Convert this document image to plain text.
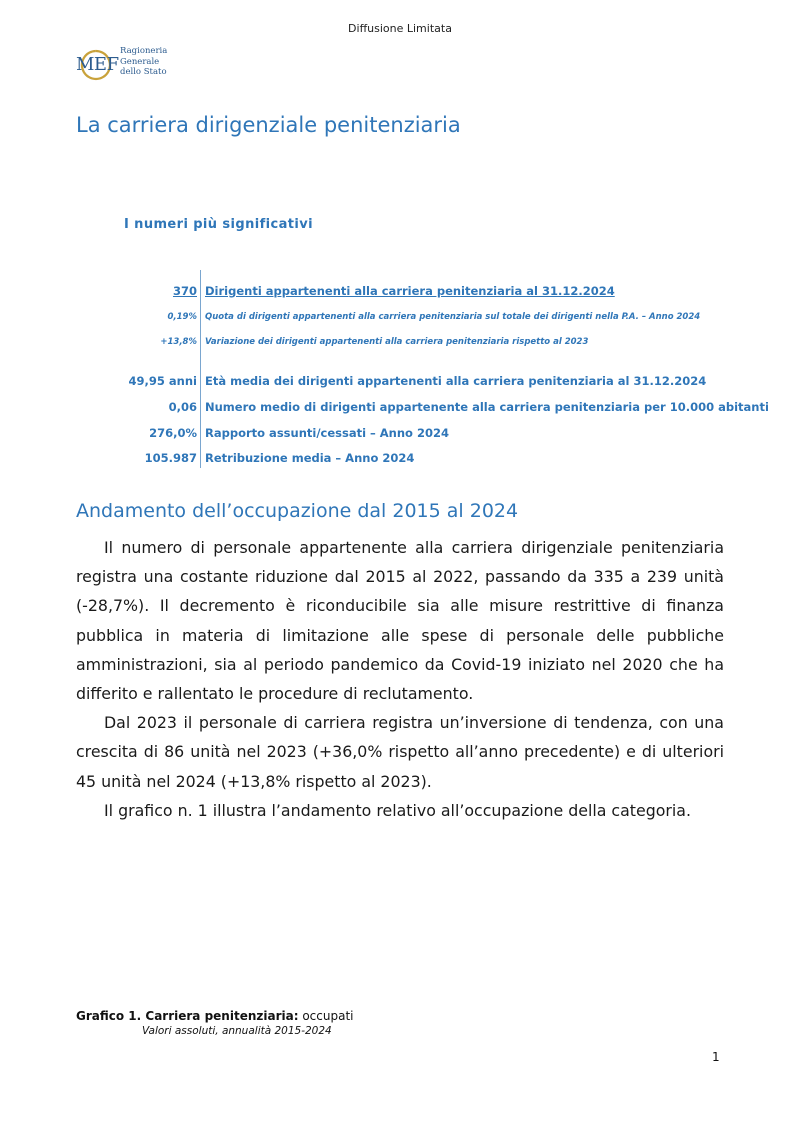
Diffusione Limitata
MEF
Ragioneria
Generale
dello Stato
La carriera dirigenziale penitenziaria
I numeri più significativi
370 Dirigenti appartenenti alla carriera penitenziaria al 31.12.2024
0,19% Quota di dirigenti appartenenti alla carriera penitenziaria sul totale dei dirigenti nella P.A. – Anno 2024
+13,8% Variazione dei dirigenti appartenenti alla carriera penitenziaria rispetto al 2023
49,95 anni Età media dei dirigenti appartenenti alla carriera penitenziaria al 31.12.2024
0,06 Numero medio di dirigenti appartenente alla carriera penitenziaria per 10.000 abitanti
276,0% Rapporto assunti/cessati – Anno 2024
105.987 Retribuzione media – Anno 2024
Andamento dell’occupazione dal 2015 al 2024

Il numero di personale appartenente alla carriera dirigenziale penitenziaria registra una costante riduzione dal 2015 al 2022, passando da 335 a 239 unità (-28,7%). Il decremento è riconducibile sia alle misure restrittive di finanza pubblica in materia di limitazione alle spese di personale delle pubbliche amministrazioni, sia al periodo pandemico da Covid-19 iniziato nel 2020 che ha differito e rallentato le procedure di reclutamento.

Dal 2023 il personale di carriera registra un’inversione di tendenza, con una crescita di 86 unità nel 2023 (+36,0% rispetto all’anno precedente) e di ulteriori 45 unità nel 2024 (+13,8% rispetto al 2023).

Il grafico n. 1 illustra l’andamento relativo all’occupazione della categoria.

Grafico 1. Carriera penitenziaria: occupati
Valori assoluti, annualità 2015-2024
1
